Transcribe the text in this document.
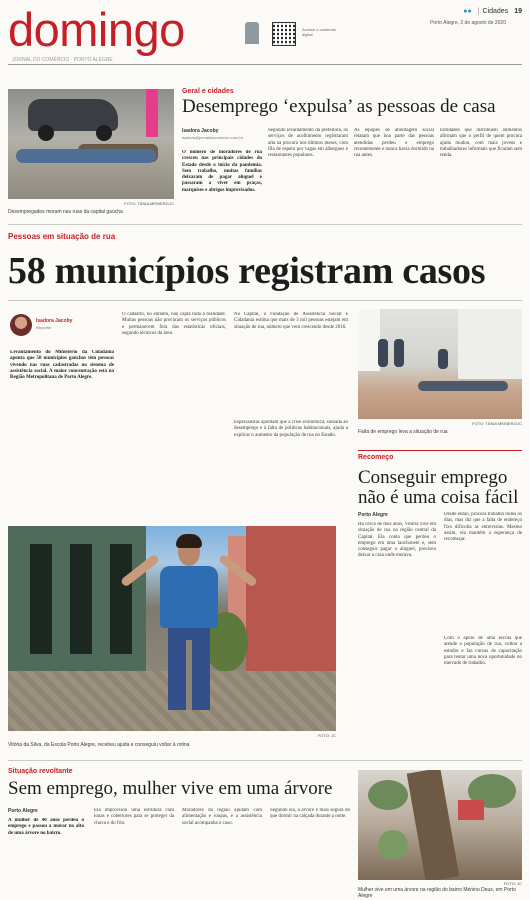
domingo
JORNAL DO COMÉRCIO · PORTO ALEGRE
Acesse o conteúdo digital
●● | Cidades 19
Porto Alegre, 2 de agosto de 2020
FOTO: TÂNIA MEINERZ/JC
Desempregados moram nas ruas da capital gaúcha
Geral e cidades
Desemprego ‘expulsa’ as pessoas de casa
Isadora Jacoby
isadora@jornaldocomercio.com.br
O número de moradores de rua cresceu nas principais cidades do Estado desde o início da pandemia. Sem trabalho, muitas famílias deixaram de pagar aluguel e passaram a viver em praças, marquises e abrigos improvisados.
Segundo levantamento da prefeitura, os serviços de acolhimento registraram alta na procura nos últimos meses, com fila de espera por vagas em albergues e restaurantes populares.
As equipes de abordagem social relatam que boa parte das pessoas atendidas perdeu o emprego recentemente e nunca havia dormido na rua antes.
Entidades que distribuem alimentos afirmam que o perfil de quem procura ajuda mudou, com mais jovens e trabalhadores informais que ficaram sem renda.
Pessoas em situação de rua
58 municípios registram casos
Isadora Jacoby
Repórter
Levantamento do Ministério da Cidadania aponta que 58 municípios gaúchos têm pessoas vivendo nas ruas cadastradas no sistema de assistência social. A maior concentração está na Região Metropolitana de Porto Alegre.
O cadastro, no entanto, não capta toda a realidade. Muitas pessoas não procuram os serviços públicos e permanecem fora das estatísticas oficiais, segundo técnicos da área.
Na Capital, a Fundação de Assistência Social e Cidadania estima que mais de 3 mil pessoas estejam em situação de rua, número que vem crescendo desde 2016.
Especialistas apontam que a crise econômica, somada ao desemprego e à falta de políticas habitacionais, ajuda a explicar o aumento da população de rua no Estado.
FOTO: TÂNIA MEINERZ/JC
Falta de emprego leva a situação de rua
Recomeço
Conseguir emprego não é uma coisa fácil
Porto Alegre
Há cerca de dois anos, Vitória vive em situação de rua na região central da Capital. Ela conta que perdeu o emprego em uma lanchonete e, sem conseguir pagar o aluguel, precisou deixar a casa onde morava.
Desde então, procura trabalho todos os dias, mas diz que a falta de endereço fixo dificulta as entrevistas. Mesmo assim, ela mantém a esperança de recomeçar.
Com o apoio de uma escola que atende a população de rua, voltou a estudar e faz cursos de capacitação para tentar uma nova oportunidade no mercado de trabalho.
FOTO: JC
Vitória da Silva, da Escola Porto Alegre, recebeu ajuda e conseguiu voltar à rotina
Situação revoltante
Sem emprego, mulher vive em uma árvore
Porto Alegre
A mulher de 40 anos perdeu o emprego e passou a morar no alto de uma árvore no bairro.
Ela improvisou uma estrutura com lonas e cobertores para se proteger da chuva e do frio.
Moradores da região ajudam com alimentação e roupas, e a assistência social acompanha o caso.
Segundo ela, a árvore é mais segura do que dormir na calçada durante a noite.
FOTO: JC
Mulher vive em uma árvore na região do bairro Menino Deus, em Porto Alegre
